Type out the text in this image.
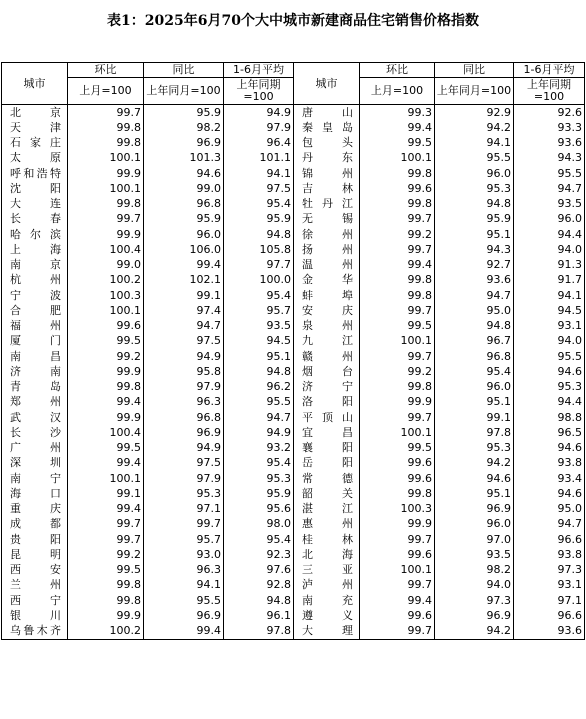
表1：2025年6月70个大中城市新建商品住宅销售价格指数
城市	环比	同比	1-6月平均	城市	环比	同比	1-6月平均
	上月=100	上年同月=100	上年同期=100		上月=100	上年同月=100	上年同期=100
北 京	99.7	95.9	94.9	唐 山	99.3	92.9	92.6
天 津	99.8	98.2	97.9	秦皇岛	99.4	94.2	93.3
石家庄	99.8	96.9	96.4	包 头	99.5	94.1	93.6
太 原	100.1	101.3	101.1	丹 东	100.1	95.5	94.3
呼和浩特	99.9	94.6	94.1	锦 州	99.8	96.0	95.5
沈 阳	100.1	99.0	97.5	吉 林	99.6	95.3	94.7
大 连	99.8	96.8	95.4	牡丹江	99.8	94.8	93.5
长 春	99.7	95.9	95.9	无 锡	99.7	95.9	96.0
哈尔滨	99.9	96.0	94.8	徐 州	99.2	95.1	94.4
上 海	100.4	106.0	105.8	扬 州	99.7	94.3	94.0
南 京	99.0	99.4	97.7	温 州	99.4	92.7	91.3
杭 州	100.2	102.1	100.0	金 华	99.8	93.6	91.7
宁 波	100.3	99.1	95.4	蚌 埠	99.8	94.7	94.1
合 肥	100.1	97.4	95.7	安 庆	99.7	95.0	94.5
福 州	99.6	94.7	93.5	泉 州	99.5	94.8	93.1
厦 门	99.5	97.5	94.5	九 江	100.1	96.7	94.0
南 昌	99.2	94.9	95.1	赣 州	99.7	96.8	95.5
济 南	99.9	95.8	94.8	烟 台	99.2	95.4	94.6
青 岛	99.8	97.9	96.2	济 宁	99.8	96.0	95.3
郑 州	99.4	96.3	95.5	洛 阳	99.9	95.1	94.4
武 汉	99.9	96.8	94.7	平顶山	99.7	99.1	98.8
长 沙	100.4	96.9	94.9	宜 昌	100.1	97.8	96.5
广 州	99.5	94.9	93.2	襄 阳	99.5	95.3	94.6
深 圳	99.4	97.5	95.4	岳 阳	99.6	94.2	93.8
南 宁	100.1	97.9	95.3	常 德	99.6	94.6	93.4
海 口	99.1	95.3	95.9	韶 关	99.8	95.1	94.6
重 庆	99.4	97.1	95.6	湛 江	100.3	96.9	95.0
成 都	99.7	99.7	98.0	惠 州	99.9	96.0	94.7
贵 阳	99.7	95.7	95.4	桂 林	99.7	97.0	96.6
昆 明	99.2	93.0	92.3	北 海	99.6	93.5	93.8
西 安	99.5	96.3	97.6	三 亚	100.1	98.2	97.3
兰 州	99.8	94.1	92.8	泸 州	99.7	94.0	93.1
西 宁	99.8	95.5	94.8	南 充	99.4	97.3	97.1
银 川	99.9	96.9	96.1	遵 义	99.6	96.9	96.6
乌鲁木齐	100.2	99.4	97.8	大 理	99.7	94.2	93.6
